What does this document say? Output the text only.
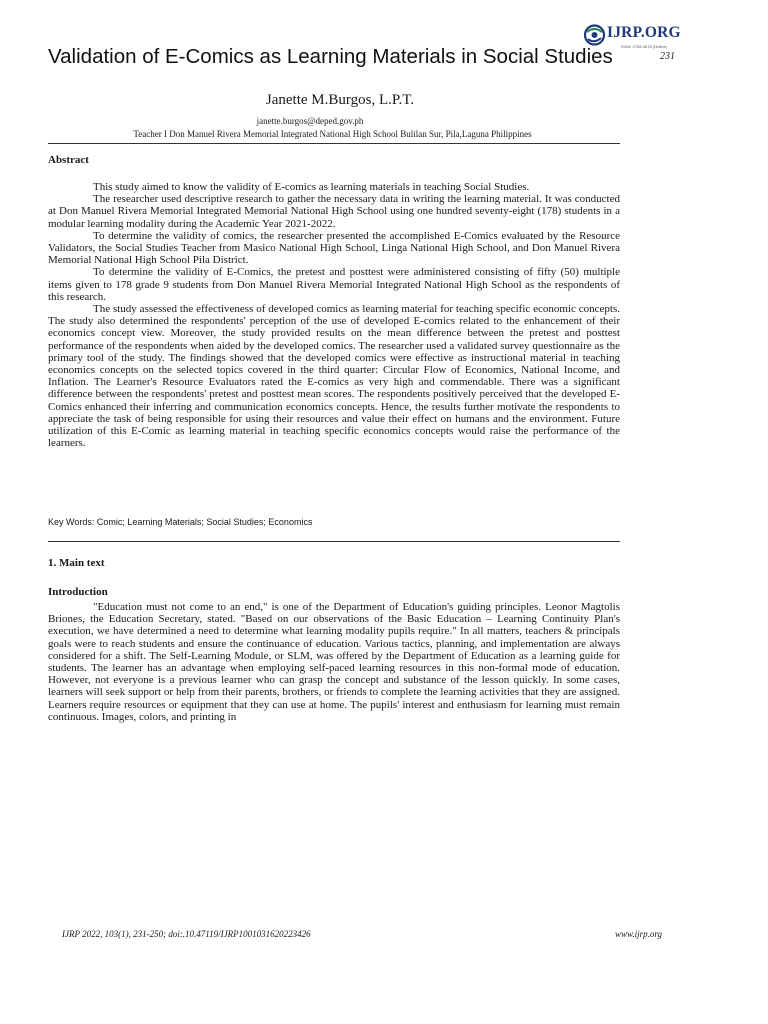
IJRP.ORG
ISSN: 2708-3578 (Online)
231
Validation of E-Comics as Learning Materials in Social Studies

Janette M.Burgos, L.P.T.

janette.burgos@deped.gov.ph
Teacher I Don Manuel Rivera Memorial Integrated National High School Bulilan Sur, Pila,Laguna Philippines
Abstract

This study aimed to know the validity of E-comics as learning materials in teaching Social Studies.

The researcher used descriptive research to gather the necessary data in writing the learning material. It was conducted at Don Manuel Rivera Memorial Integrated Memorial National High School using one hundred seventy-eight (178) students in a modular learning modality during the Academic Year 2021-2022.

To determine the validity of comics, the researcher presented the accomplished E-Comics evaluated by the Resource Validators, the Social Studies Teacher from Masico National High School, Linga National High School, and Don Manuel Rivera Memorial National High School Pila District.

To determine the validity of E-Comics, the pretest and posttest were administered consisting of fifty (50) multiple items given to 178 grade 9 students from Don Manuel Rivera Memorial Integrated National High School as the respondents of this research.

The study assessed the effectiveness of developed comics as learning material for teaching specific economic concepts. The study also determined the respondents' perception of the use of developed E-comics related to the enhancement of their economics concept view. Moreover, the study provided results on the mean difference between the pretest and posttest performance of the respondents when aided by the developed comics. The researcher used a validated survey questionnaire as the primary tool of the study. The findings showed that the developed comics were effective as instructional material in teaching economics concepts on the selected topics covered in the third quarter: Circular Flow of Economics, National Income, and Inflation. The Learner's Resource Evaluators rated the E-comics as very high and commendable. There was a significant difference between the respondents' pretest and posttest mean scores. The respondents positively perceived that the developed E-Comics enhanced their inferring and communication economics concepts. Hence, the results further motivate the respondents to appreciate the task of being responsible for using their resources and value their effect on humans and the environment. Future utilization of this E-Comic as learning material in teaching specific economics concepts would raise the performance of the learners.

Key Words: Comic; Learning Materials; Social Studies; Economics
1. Main text
Introduction

"Education must not come to an end," is one of the Department of Education's guiding principles. Leonor Magtolis Briones, the Education Secretary, stated. "Based on our observations of the Basic Education – Learning Continuity Plan's execution, we have determined a need to determine what learning modality pupils require." In all matters, teachers & principals goals were to reach students and ensure the continuance of education. Various tactics, planning, and implementation are always considered for a shift. The Self-Learning Module, or SLM, was offered by the Department of Education as a learning guide for students. The learner has an advantage when employing self-paced learning resources in this non-formal mode of education. However, not everyone is a previous learner who can grasp the concept and substance of the lesson quickly. In some cases, learners will seek support or help from their parents, brothers, or friends to complete the learning activities that they are assigned. Learners require resources or equipment that they can use at home. The pupils' interest and enthusiasm for learning must remain continuous. Images, colors, and printing in

IJRP 2022, 103(1), 231-250; doi:.10.47119/IJRP1001031620223426	www.ijrp.org
